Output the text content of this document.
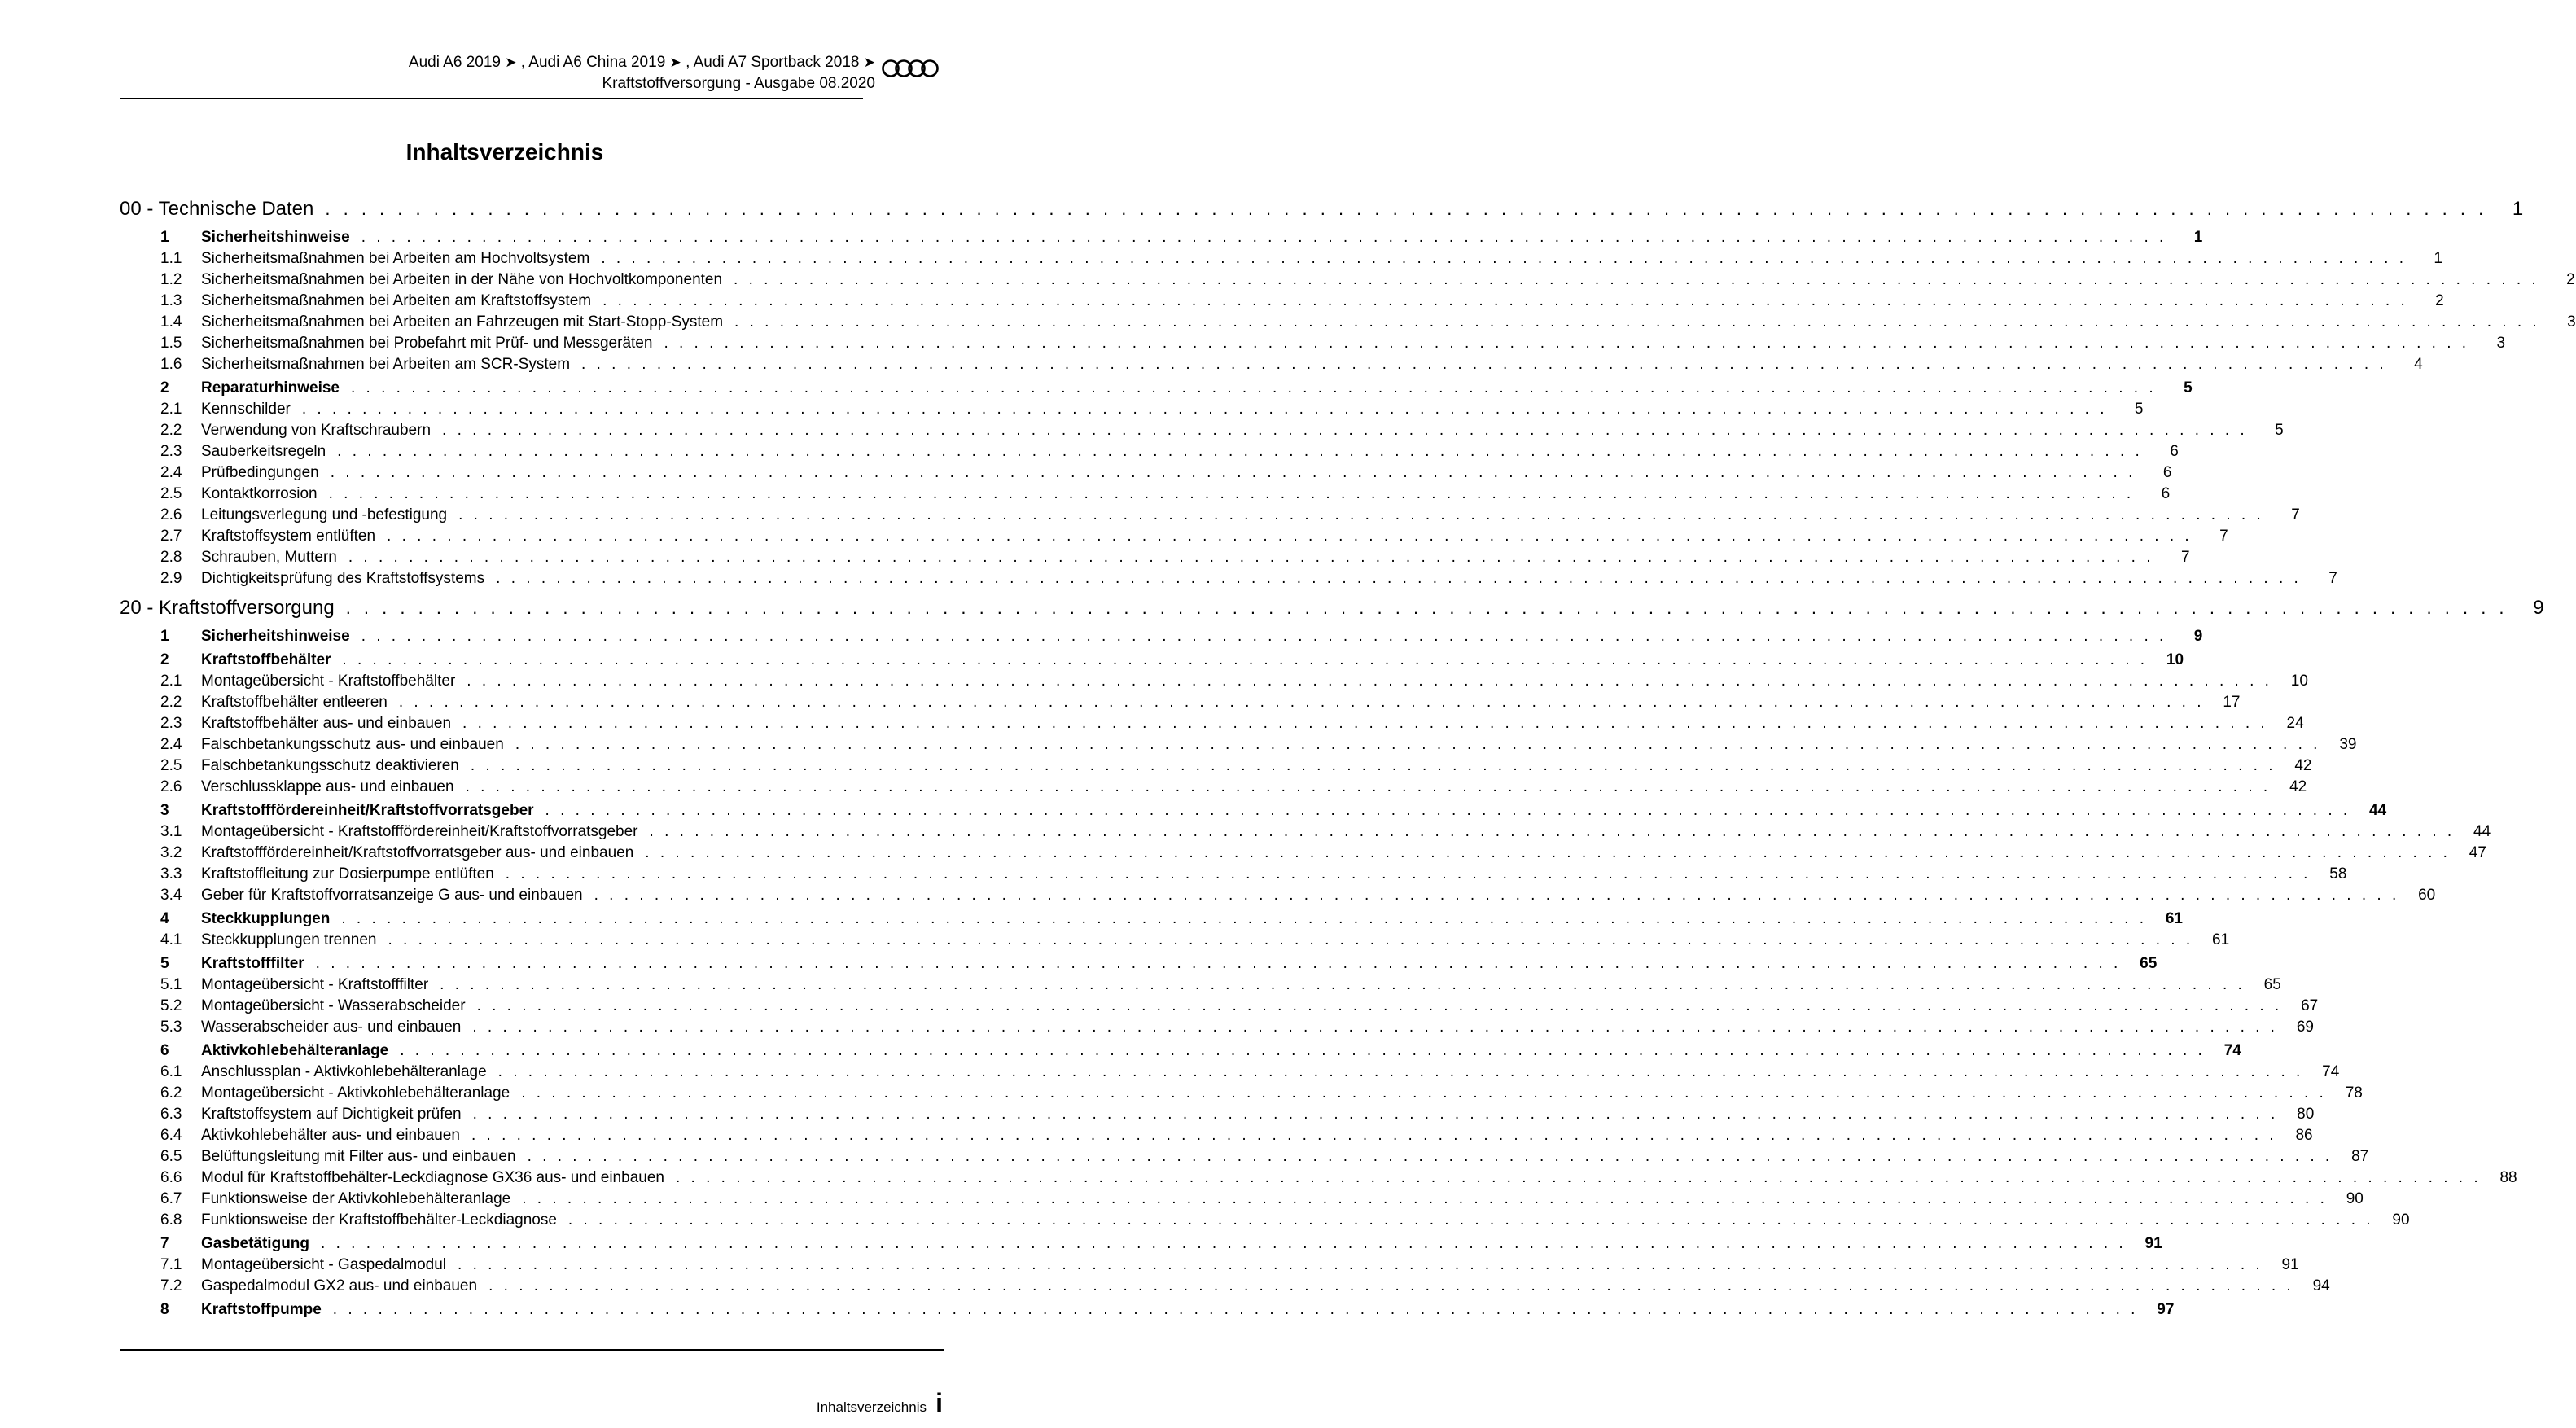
Audi A6 2019 ➤ , Audi A6 China 2019 ➤ , Audi A7 Sportback 2018 ➤
Kraftstoffversorgung - Ausgabe 08.2020
Inhaltsverzeichnis
00 - Technische Daten . . . . . . . . . . . . . . . . . . . . . . . . . . . . . . . . . . . . . . . . . . . . . . . . . . . . . . . . . . . . . . . . . . . . . . . . . . . . . . . . . . . . . . . . . . . . . . . . . . . . . . . . . . . . . . . . . . . . . . . .	1
1	Sicherheitshinweise . . . . . . . . . . . . . . . . . . . . . . . . . . . . . . . . . . . . . . . . . . . . . . . . . . . . . . . . . . . . . . . . . . . . . . . . . . . . . . . . . . . . . . . . . . . . . . . . . . . . . . . . . . . . . . . . . . . . . . . .	1
1.1	Sicherheitsmaßnahmen bei Arbeiten am Hochvoltsystem . . . . . . . . . . . . . . . . . . . . . . . . . . . . . . . . . . . . . . . . . . . . . . . . . . . . . . . . . . . . . . . . . . . . . . . . . . . . . . . . . . . . . . . . . . . . . . . . . . . . . . . . . . . . . . . . . . . . . . . .	1
1.2	Sicherheitsmaßnahmen bei Arbeiten in der Nähe von Hochvoltkomponenten . . . . . . . . . . . . . . . . . . . . . . . . . . . . . . . . . . . . . . . . . . . . . . . . . . . . . . . . . . . . . . . . . . . . . . . . . . . . . . . . . . . . . . . . . . . . . . . . . . . . . . . . . . . . . . . . . . . . . . . .	2
1.3	Sicherheitsmaßnahmen bei Arbeiten am Kraftstoffsystem . . . . . . . . . . . . . . . . . . . . . . . . . . . . . . . . . . . . . . . . . . . . . . . . . . . . . . . . . . . . . . . . . . . . . . . . . . . . . . . . . . . . . . . . . . . . . . . . . . . . . . . . . . . . . . . . . . . . . . . .	2
1.4	Sicherheitsmaßnahmen bei Arbeiten an Fahrzeugen mit Start-Stopp-System . . . . . . . . . . . . . . . . . . . . . . . . . . . . . . . . . . . . . . . . . . . . . . . . . . . . . . . . . . . . . . . . . . . . . . . . . . . . . . . . . . . . . . . . . . . . . . . . . . . . . . . . . . . . . . . . . . . . . . . .	3
1.5	Sicherheitsmaßnahmen bei Probefahrt mit Prüf- und Messgeräten . . . . . . . . . . . . . . . . . . . . . . . . . . . . . . . . . . . . . . . . . . . . . . . . . . . . . . . . . . . . . . . . . . . . . . . . . . . . . . . . . . . . . . . . . . . . . . . . . . . . . . . . . . . . . . . . . . . . . . . .	3
1.6	Sicherheitsmaßnahmen bei Arbeiten am SCR-System . . . . . . . . . . . . . . . . . . . . . . . . . . . . . . . . . . . . . . . . . . . . . . . . . . . . . . . . . . . . . . . . . . . . . . . . . . . . . . . . . . . . . . . . . . . . . . . . . . . . . . . . . . . . . . . . . . . . . . . .	4
2	Reparaturhinweise . . . . . . . . . . . . . . . . . . . . . . . . . . . . . . . . . . . . . . . . . . . . . . . . . . . . . . . . . . . . . . . . . . . . . . . . . . . . . . . . . . . . . . . . . . . . . . . . . . . . . . . . . . . . . . . . . . . . . . . .	5
2.1	Kennschilder . . . . . . . . . . . . . . . . . . . . . . . . . . . . . . . . . . . . . . . . . . . . . . . . . . . . . . . . . . . . . . . . . . . . . . . . . . . . . . . . . . . . . . . . . . . . . . . . . . . . . . . . . . . . . . . . . . . . . . . .	5
2.2	Verwendung von Kraftschraubern . . . . . . . . . . . . . . . . . . . . . . . . . . . . . . . . . . . . . . . . . . . . . . . . . . . . . . . . . . . . . . . . . . . . . . . . . . . . . . . . . . . . . . . . . . . . . . . . . . . . . . . . . . . . . . . . . . . . . . . .	5
2.3	Sauberkeitsregeln . . . . . . . . . . . . . . . . . . . . . . . . . . . . . . . . . . . . . . . . . . . . . . . . . . . . . . . . . . . . . . . . . . . . . . . . . . . . . . . . . . . . . . . . . . . . . . . . . . . . . . . . . . . . . . . . . . . . . . . .	6
2.4	Prüfbedingungen . . . . . . . . . . . . . . . . . . . . . . . . . . . . . . . . . . . . . . . . . . . . . . . . . . . . . . . . . . . . . . . . . . . . . . . . . . . . . . . . . . . . . . . . . . . . . . . . . . . . . . . . . . . . . . . . . . . . . . . .	6
2.5	Kontaktkorrosion . . . . . . . . . . . . . . . . . . . . . . . . . . . . . . . . . . . . . . . . . . . . . . . . . . . . . . . . . . . . . . . . . . . . . . . . . . . . . . . . . . . . . . . . . . . . . . . . . . . . . . . . . . . . . . . . . . . . . . . .	6
2.6	Leitungsverlegung und -befestigung . . . . . . . . . . . . . . . . . . . . . . . . . . . . . . . . . . . . . . . . . . . . . . . . . . . . . . . . . . . . . . . . . . . . . . . . . . . . . . . . . . . . . . . . . . . . . . . . . . . . . . . . . . . . . . . . . . . . . . . .	7
2.7	Kraftstoffsystem entlüften . . . . . . . . . . . . . . . . . . . . . . . . . . . . . . . . . . . . . . . . . . . . . . . . . . . . . . . . . . . . . . . . . . . . . . . . . . . . . . . . . . . . . . . . . . . . . . . . . . . . . . . . . . . . . . . . . . . . . . . .	7
2.8	Schrauben, Muttern . . . . . . . . . . . . . . . . . . . . . . . . . . . . . . . . . . . . . . . . . . . . . . . . . . . . . . . . . . . . . . . . . . . . . . . . . . . . . . . . . . . . . . . . . . . . . . . . . . . . . . . . . . . . . . . . . . . . . . . .	7
2.9	Dichtigkeitsprüfung des Kraftstoffsystems . . . . . . . . . . . . . . . . . . . . . . . . . . . . . . . . . . . . . . . . . . . . . . . . . . . . . . . . . . . . . . . . . . . . . . . . . . . . . . . . . . . . . . . . . . . . . . . . . . . . . . . . . . . . . . . . . . . . . . . .	7
20 - Kraftstoffversorgung . . . . . . . . . . . . . . . . . . . . . . . . . . . . . . . . . . . . . . . . . . . . . . . . . . . . . . . . . . . . . . . . . . . . . . . . . . . . . . . . . . . . . . . . . . . . . . . . . . . . . . . . . . . . . . . . . . . . . . . .	9
1	Sicherheitshinweise . . . . . . . . . . . . . . . . . . . . . . . . . . . . . . . . . . . . . . . . . . . . . . . . . . . . . . . . . . . . . . . . . . . . . . . . . . . . . . . . . . . . . . . . . . . . . . . . . . . . . . . . . . . . . . . . . . . . . . . .	9
2	Kraftstoffbehälter . . . . . . . . . . . . . . . . . . . . . . . . . . . . . . . . . . . . . . . . . . . . . . . . . . . . . . . . . . . . . . . . . . . . . . . . . . . . . . . . . . . . . . . . . . . . . . . . . . . . . . . . . . . . . . . . . . . . . . . .	10
2.1	Montageübersicht - Kraftstoffbehälter . . . . . . . . . . . . . . . . . . . . . . . . . . . . . . . . . . . . . . . . . . . . . . . . . . . . . . . . . . . . . . . . . . . . . . . . . . . . . . . . . . . . . . . . . . . . . . . . . . . . . . . . . . . . . . . . . . . . . . . .	10
2.2	Kraftstoffbehälter entleeren . . . . . . . . . . . . . . . . . . . . . . . . . . . . . . . . . . . . . . . . . . . . . . . . . . . . . . . . . . . . . . . . . . . . . . . . . . . . . . . . . . . . . . . . . . . . . . . . . . . . . . . . . . . . . . . . . . . . . . . .	17
2.3	Kraftstoffbehälter aus- und einbauen . . . . . . . . . . . . . . . . . . . . . . . . . . . . . . . . . . . . . . . . . . . . . . . . . . . . . . . . . . . . . . . . . . . . . . . . . . . . . . . . . . . . . . . . . . . . . . . . . . . . . . . . . . . . . . . . . . . . . . . .	24
2.4	Falschbetankungsschutz aus- und einbauen . . . . . . . . . . . . . . . . . . . . . . . . . . . . . . . . . . . . . . . . . . . . . . . . . . . . . . . . . . . . . . . . . . . . . . . . . . . . . . . . . . . . . . . . . . . . . . . . . . . . . . . . . . . . . . . . . . . . . . . .	39
2.5	Falschbetankungsschutz deaktivieren . . . . . . . . . . . . . . . . . . . . . . . . . . . . . . . . . . . . . . . . . . . . . . . . . . . . . . . . . . . . . . . . . . . . . . . . . . . . . . . . . . . . . . . . . . . . . . . . . . . . . . . . . . . . . . . . . . . . . . . .	42
2.6	Verschlussklappe aus- und einbauen . . . . . . . . . . . . . . . . . . . . . . . . . . . . . . . . . . . . . . . . . . . . . . . . . . . . . . . . . . . . . . . . . . . . . . . . . . . . . . . . . . . . . . . . . . . . . . . . . . . . . . . . . . . . . . . . . . . . . . . .	42
3	Kraftstofffördereinheit/Kraftstoffvorratsgeber . . . . . . . . . . . . . . . . . . . . . . . . . . . . . . . . . . . . . . . . . . . . . . . . . . . . . . . . . . . . . . . . . . . . . . . . . . . . . . . . . . . . . . . . . . . . . . . . . . . . . . . . . . . . . . . . . . . . . . . .	44
3.1	Montageübersicht - Kraftstofffördereinheit/Kraftstoffvorratsgeber . . . . . . . . . . . . . . . . . . . . . . . . . . . . . . . . . . . . . . . . . . . . . . . . . . . . . . . . . . . . . . . . . . . . . . . . . . . . . . . . . . . . . . . . . . . . . . . . . . . . . . . . . . . . . . . . . . . . . . . .	44
3.2	Kraftstofffördereinheit/Kraftstoffvorratsgeber aus- und einbauen . . . . . . . . . . . . . . . . . . . . . . . . . . . . . . . . . . . . . . . . . . . . . . . . . . . . . . . . . . . . . . . . . . . . . . . . . . . . . . . . . . . . . . . . . . . . . . . . . . . . . . . . . . . . . . . . . . . . . . . .	47
3.3	Kraftstoffleitung zur Dosierpumpe entlüften . . . . . . . . . . . . . . . . . . . . . . . . . . . . . . . . . . . . . . . . . . . . . . . . . . . . . . . . . . . . . . . . . . . . . . . . . . . . . . . . . . . . . . . . . . . . . . . . . . . . . . . . . . . . . . . . . . . . . . . .	58
3.4	Geber für Kraftstoffvorratsanzeige G aus- und einbauen . . . . . . . . . . . . . . . . . . . . . . . . . . . . . . . . . . . . . . . . . . . . . . . . . . . . . . . . . . . . . . . . . . . . . . . . . . . . . . . . . . . . . . . . . . . . . . . . . . . . . . . . . . . . . . . . . . . . . . . .	60
4	Steckkupplungen . . . . . . . . . . . . . . . . . . . . . . . . . . . . . . . . . . . . . . . . . . . . . . . . . . . . . . . . . . . . . . . . . . . . . . . . . . . . . . . . . . . . . . . . . . . . . . . . . . . . . . . . . . . . . . . . . . . . . . . .	61
4.1	Steckkupplungen trennen . . . . . . . . . . . . . . . . . . . . . . . . . . . . . . . . . . . . . . . . . . . . . . . . . . . . . . . . . . . . . . . . . . . . . . . . . . . . . . . . . . . . . . . . . . . . . . . . . . . . . . . . . . . . . . . . . . . . . . . .	61
5	Kraftstofffilter . . . . . . . . . . . . . . . . . . . . . . . . . . . . . . . . . . . . . . . . . . . . . . . . . . . . . . . . . . . . . . . . . . . . . . . . . . . . . . . . . . . . . . . . . . . . . . . . . . . . . . . . . . . . . . . . . . . . . . . .	65
5.1	Montageübersicht - Kraftstofffilter . . . . . . . . . . . . . . . . . . . . . . . . . . . . . . . . . . . . . . . . . . . . . . . . . . . . . . . . . . . . . . . . . . . . . . . . . . . . . . . . . . . . . . . . . . . . . . . . . . . . . . . . . . . . . . . . . . . . . . . .	65
5.2	Montageübersicht - Wasserabscheider . . . . . . . . . . . . . . . . . . . . . . . . . . . . . . . . . . . . . . . . . . . . . . . . . . . . . . . . . . . . . . . . . . . . . . . . . . . . . . . . . . . . . . . . . . . . . . . . . . . . . . . . . . . . . . . . . . . . . . . .	67
5.3	Wasserabscheider aus- und einbauen . . . . . . . . . . . . . . . . . . . . . . . . . . . . . . . . . . . . . . . . . . . . . . . . . . . . . . . . . . . . . . . . . . . . . . . . . . . . . . . . . . . . . . . . . . . . . . . . . . . . . . . . . . . . . . . . . . . . . . . .	69
6	Aktivkohlebehälteranlage . . . . . . . . . . . . . . . . . . . . . . . . . . . . . . . . . . . . . . . . . . . . . . . . . . . . . . . . . . . . . . . . . . . . . . . . . . . . . . . . . . . . . . . . . . . . . . . . . . . . . . . . . . . . . . . . . . . . . . . .	74
6.1	Anschlussplan - Aktivkohlebehälteranlage . . . . . . . . . . . . . . . . . . . . . . . . . . . . . . . . . . . . . . . . . . . . . . . . . . . . . . . . . . . . . . . . . . . . . . . . . . . . . . . . . . . . . . . . . . . . . . . . . . . . . . . . . . . . . . . . . . . . . . . .	74
6.2	Montageübersicht - Aktivkohlebehälteranlage . . . . . . . . . . . . . . . . . . . . . . . . . . . . . . . . . . . . . . . . . . . . . . . . . . . . . . . . . . . . . . . . . . . . . . . . . . . . . . . . . . . . . . . . . . . . . . . . . . . . . . . . . . . . . . . . . . . . . . . .	78
6.3	Kraftstoffsystem auf Dichtigkeit prüfen . . . . . . . . . . . . . . . . . . . . . . . . . . . . . . . . . . . . . . . . . . . . . . . . . . . . . . . . . . . . . . . . . . . . . . . . . . . . . . . . . . . . . . . . . . . . . . . . . . . . . . . . . . . . . . . . . . . . . . . .	80
6.4	Aktivkohlebehälter aus- und einbauen . . . . . . . . . . . . . . . . . . . . . . . . . . . . . . . . . . . . . . . . . . . . . . . . . . . . . . . . . . . . . . . . . . . . . . . . . . . . . . . . . . . . . . . . . . . . . . . . . . . . . . . . . . . . . . . . . . . . . . . .	86
6.5	Belüftungsleitung mit Filter aus- und einbauen . . . . . . . . . . . . . . . . . . . . . . . . . . . . . . . . . . . . . . . . . . . . . . . . . . . . . . . . . . . . . . . . . . . . . . . . . . . . . . . . . . . . . . . . . . . . . . . . . . . . . . . . . . . . . . . . . . . . . . . .	87
6.6	Modul für Kraftstoffbehälter-Leckdiagnose GX36 aus- und einbauen . . . . . . . . . . . . . . . . . . . . . . . . . . . . . . . . . . . . . . . . . . . . . . . . . . . . . . . . . . . . . . . . . . . . . . . . . . . . . . . . . . . . . . . . . . . . . . . . . . . . . . . . . . . . . . . . . . . . . . . .	88
6.7	Funktionsweise der Aktivkohlebehälteranlage . . . . . . . . . . . . . . . . . . . . . . . . . . . . . . . . . . . . . . . . . . . . . . . . . . . . . . . . . . . . . . . . . . . . . . . . . . . . . . . . . . . . . . . . . . . . . . . . . . . . . . . . . . . . . . . . . . . . . . . .	90
6.8	Funktionsweise der Kraftstoffbehälter-Leckdiagnose . . . . . . . . . . . . . . . . . . . . . . . . . . . . . . . . . . . . . . . . . . . . . . . . . . . . . . . . . . . . . . . . . . . . . . . . . . . . . . . . . . . . . . . . . . . . . . . . . . . . . . . . . . . . . . . . . . . . . . . .	90
7	Gasbetätigung . . . . . . . . . . . . . . . . . . . . . . . . . . . . . . . . . . . . . . . . . . . . . . . . . . . . . . . . . . . . . . . . . . . . . . . . . . . . . . . . . . . . . . . . . . . . . . . . . . . . . . . . . . . . . . . . . . . . . . . .	91
7.1	Montageübersicht - Gaspedalmodul . . . . . . . . . . . . . . . . . . . . . . . . . . . . . . . . . . . . . . . . . . . . . . . . . . . . . . . . . . . . . . . . . . . . . . . . . . . . . . . . . . . . . . . . . . . . . . . . . . . . . . . . . . . . . . . . . . . . . . . .	91
7.2	Gaspedalmodul GX2 aus- und einbauen . . . . . . . . . . . . . . . . . . . . . . . . . . . . . . . . . . . . . . . . . . . . . . . . . . . . . . . . . . . . . . . . . . . . . . . . . . . . . . . . . . . . . . . . . . . . . . . . . . . . . . . . . . . . . . . . . . . . . . . .	94
8	Kraftstoffpumpe . . . . . . . . . . . . . . . . . . . . . . . . . . . . . . . . . . . . . . . . . . . . . . . . . . . . . . . . . . . . . . . . . . . . . . . . . . . . . . . . . . . . . . . . . . . . . . . . . . . . . . . . . . . . . . . . . . . . . . . .	97
Inhaltsverzeichnis i
